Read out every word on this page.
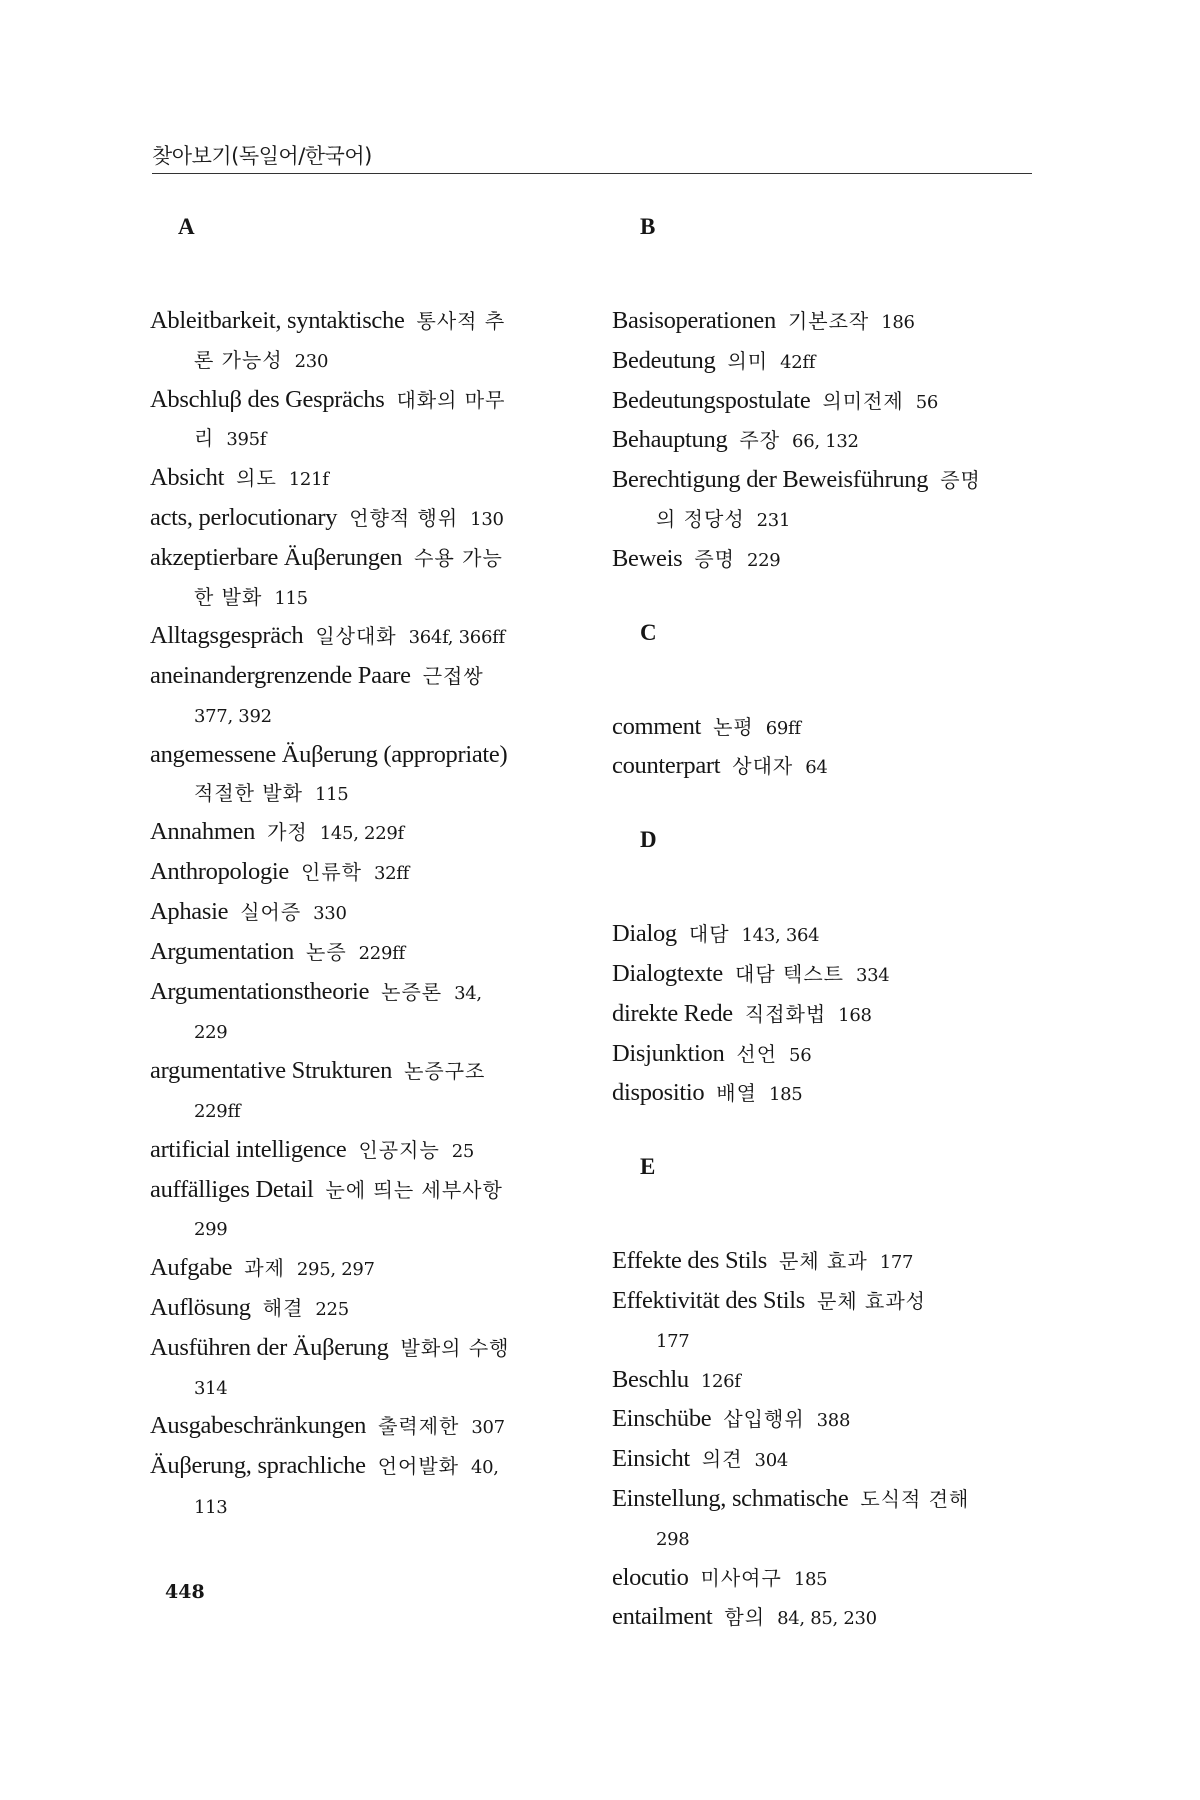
찾아보기(독일어/한국어)
A
Ableitbarkeit, syntaktische 통사적 추
론 가능성 230
Abschluβ des Gesprächs 대화의 마무
리 395f
Absicht 의도 121f
acts, perlocutionary 언향적 행위 130
akzeptierbare Äuβerungen 수용 가능
한 발화 115
Alltagsgespräch 일상대화 364f, 366ff
aneinandergrenzende Paare 근접쌍
377, 392
angemessene Äuβerung (appropriate)
적절한 발화 115
Annahmen 가정 145, 229f
Anthropologie 인류학 32ff
Aphasie 실어증 330
Argumentation 논증 229ff
Argumentationstheorie 논증론 34,
229
argumentative Strukturen 논증구조
229ff
artificial intelligence 인공지능 25
auffälliges Detail 눈에 띄는 세부사항
299
Aufgabe 과제 295, 297
Auflösung 해결 225
Ausführen der Äuβerung 발화의 수행
314
Ausgabeschränkungen 출력제한 307
Äuβerung, sprachliche 언어발화 40,
113
B
Basisoperationen 기본조작 186
Bedeutung 의미 42ff
Bedeutungspostulate 의미전제 56
Behauptung 주장 66, 132
Berechtigung der Beweisführung 증명
의 정당성 231
Beweis 증명 229
C
comment 논평 69ff
counterpart 상대자 64
D
Dialog 대담 143, 364
Dialogtexte 대담 텍스트 334
direkte Rede 직접화법 168
Disjunktion 선언 56
dispositio 배열 185
E
Effekte des Stils 문체 효과 177
Effektivität des Stils 문체 효과성
177
Beschlu 126f
Einschübe 삽입행위 388
Einsicht 의견 304
Einstellung, schmatische 도식적 견해
298
elocutio 미사여구 185
entailment 함의 84, 85, 230
448
